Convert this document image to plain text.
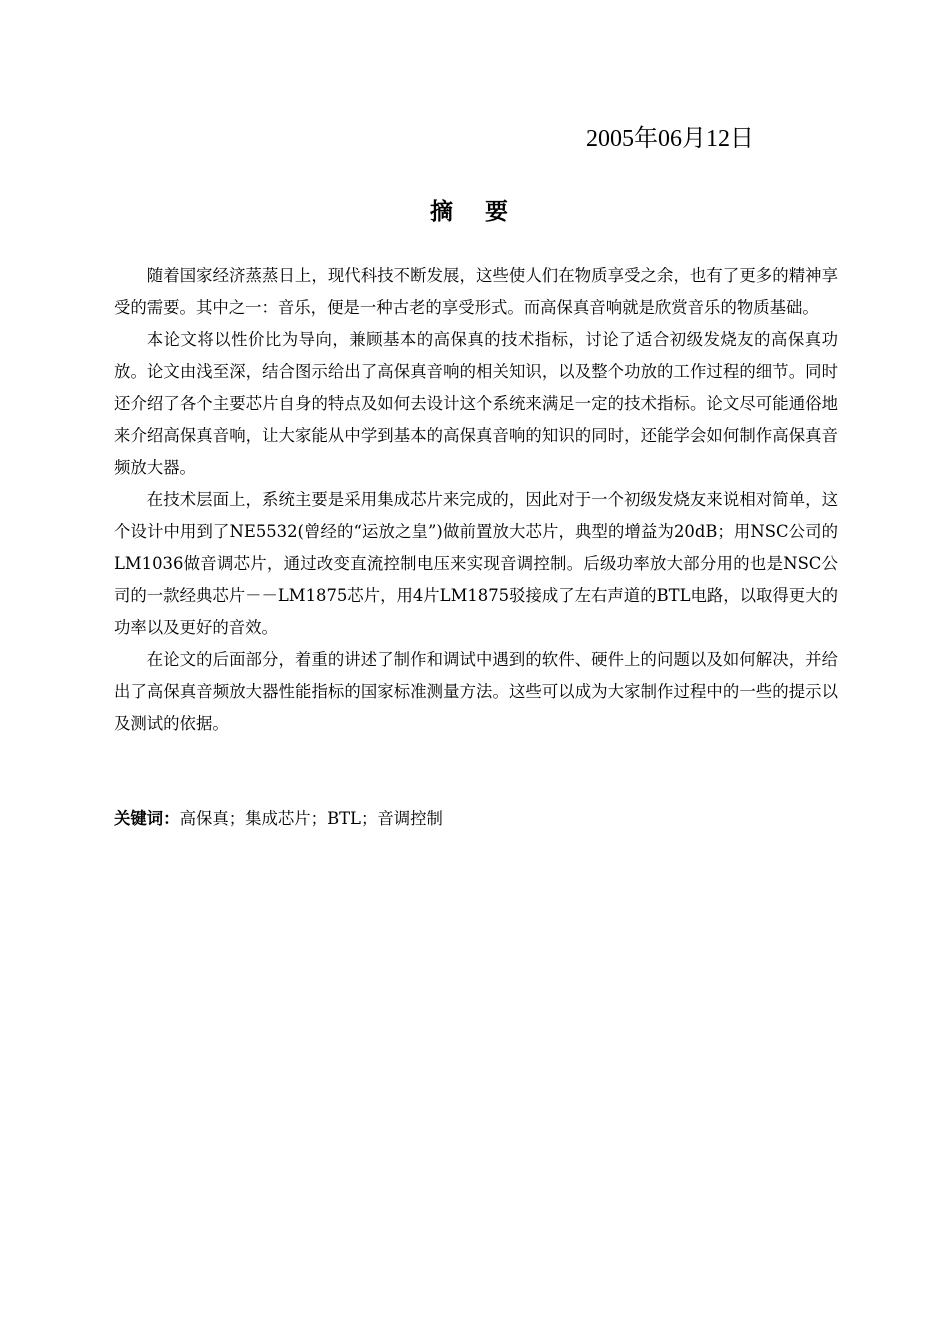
2005年06月12日
摘 要

随着国家经济蒸蒸日上，现代科技不断发展，这些使人们在物质享受之余，也有了更多的精神享受的需要。其中之一：音乐，便是一种古老的享受形式。而高保真音响就是欣赏音乐的物质基础。

本论文将以性价比为导向，兼顾基本的高保真的技术指标，讨论了适合初级发烧友的高保真功放。论文由浅至深，结合图示给出了高保真音响的相关知识，以及整个功放的工作过程的细节。同时还介绍了各个主要芯片自身的特点及如何去设计这个系统来满足一定的技术指标。论文尽可能通俗地来介绍高保真音响，让大家能从中学到基本的高保真音响的知识的同时，还能学会如何制作高保真音频放大器。

在技术层面上，系统主要是采用集成芯片来完成的，因此对于一个初级发烧友来说相对简单，这个设计中用到了NE5532(曾经的“运放之皇”)做前置放大芯片，典型的增益为20dB；用NSC公司的LM1036做音调芯片，通过改变直流控制电压来实现音调控制。后级功率放大部分用的也是NSC公司的一款经典芯片－－LM1875芯片，用4片LM1875驳接成了左右声道的BTL电路，以取得更大的功率以及更好的音效。

在论文的后面部分，着重的讲述了制作和调试中遇到的软件、硬件上的问题以及如何解决，并给出了高保真音频放大器性能指标的国家标准测量方法。这些可以成为大家制作过程中的一些的提示以及测试的依据。

关键词：高保真；集成芯片；BTL；音调控制
